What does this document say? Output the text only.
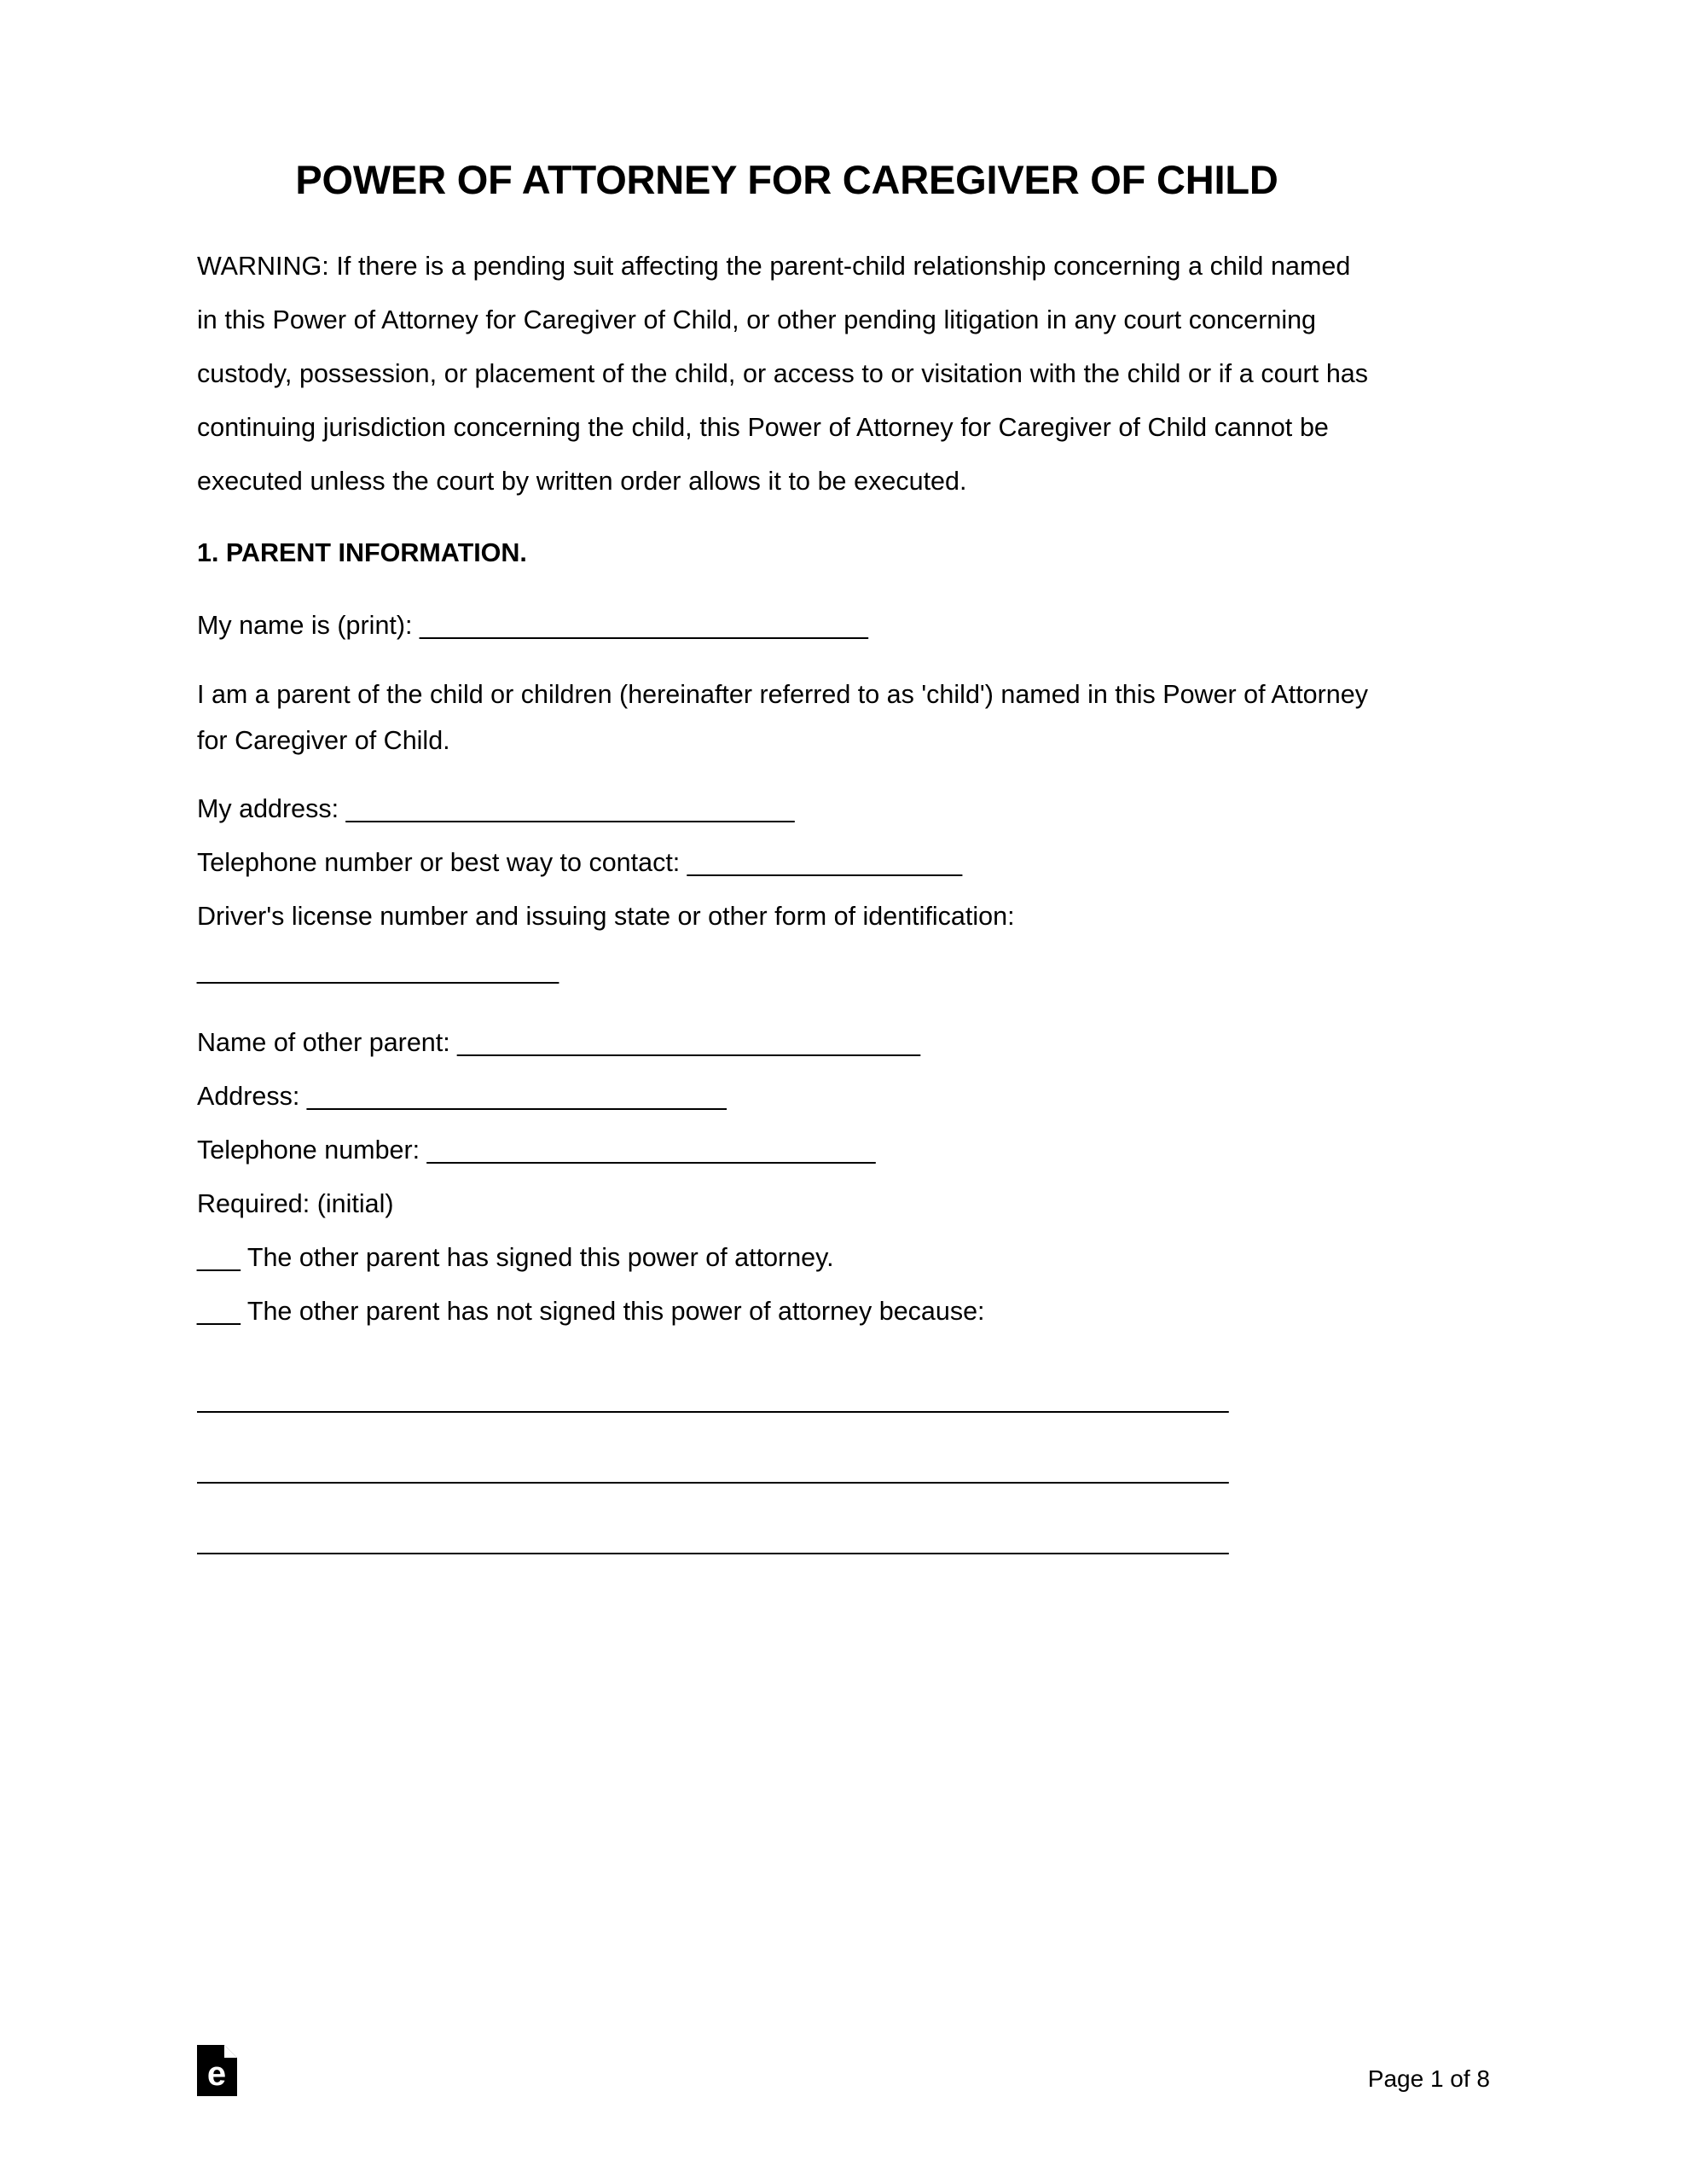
POWER OF ATTORNEY FOR CAREGIVER OF CHILD

WARNING: If there is a pending suit affecting the parent-child relationship concerning a child named in this Power of Attorney for Caregiver of Child, or other pending litigation in any court concerning custody, possession, or placement of the child, or access to or visitation with the child or if a court has continuing jurisdiction concerning the child, this Power of Attorney for Caregiver of Child cannot be executed unless the court by written order allows it to be executed.

1. PARENT INFORMATION.

My name is (print): _______________________________

I am a parent of the child or children (hereinafter referred to as 'child') named in this Power of Attorney for Caregiver of Child.

My address: _______________________________

Telephone number or best way to contact: ___________________

Driver's license number and issuing state or other form of identification:

_________________________

Name of other parent: ________________________________

Address: _____________________________

Telephone number: _______________________________

Required: (initial)

___ The other parent has signed this power of attorney.

___ The other parent has not signed this power of attorney because:

______________________________________________________________________

______________________________________________________________________

______________________________________________________________________

e	Page 1 of 8
